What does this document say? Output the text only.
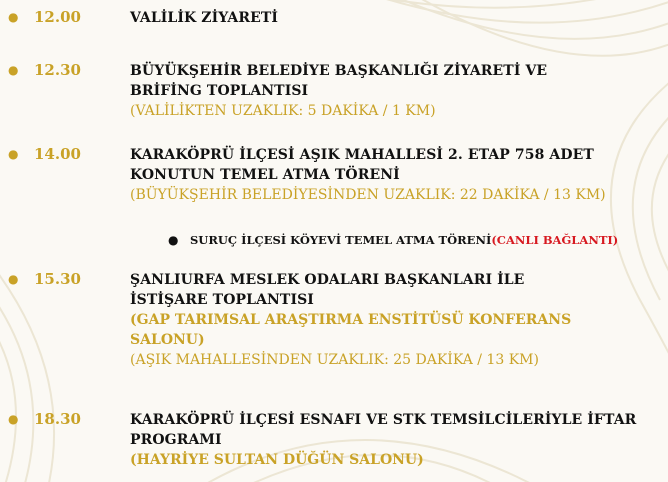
● 12.00	VALİLİK ZİYARETİ
● 12.30	BÜYÜKŞEHİR BELEDİYE BAŞKANLIĞI ZİYARETİ VE
BRİFİNG TOPLANTISI
(VALİLİKTEN UZAKLIK: 5 DAKİKA / 1 KM)
● 14.00	KARAKÖPRÜ İLÇESİ AŞIK MAHALLESİ 2. ETAP 758 ADET
KONUTUN TEMEL ATMA TÖRENİ
(BÜYÜKŞEHİR BELEDİYESİNDEN UZAKLIK: 22 DAKİKA / 13 KM)
● SURUÇ İLÇESİ KÖYEVİ TEMEL ATMA TÖRENİ(CANLI BAĞLANTI)
● 15.30	ŞANLIURFA MESLEK ODALARI BAŞKANLARI İLE
İSTİŞARE TOPLANTISI
(GAP TARIMSAL ARAŞTIRMA ENSTİTÜSÜ KONFERANS
SALONU)
(AŞIK MAHALLESİNDEN UZAKLIK: 25 DAKİKA / 13 KM)
● 18.30	KARAKÖPRÜ İLÇESİ ESNAFI VE STK TEMSİLCİLERİYLE İFTAR
PROGRAMI
(HAYRİYE SULTAN DÜĞÜN SALONU)
